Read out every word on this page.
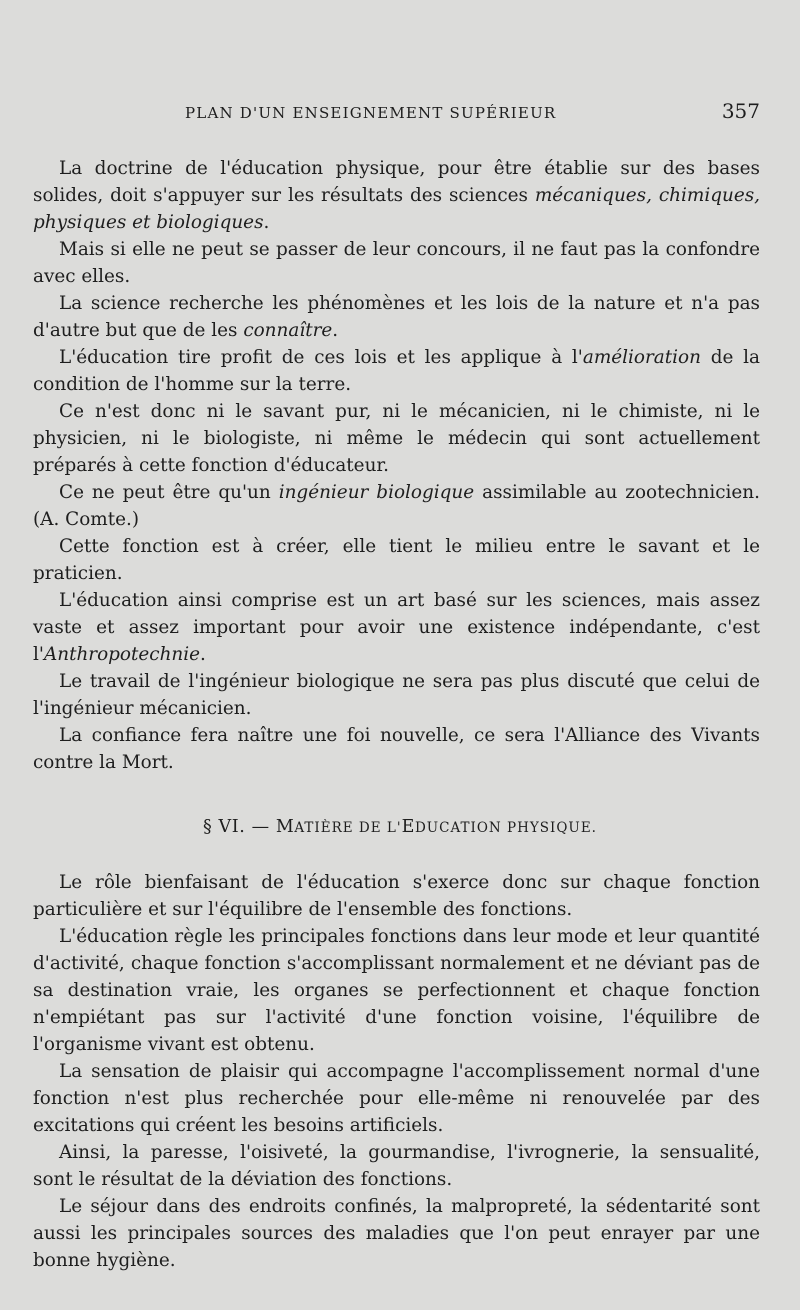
PLAN D'UN ENSEIGNEMENT SUPÉRIEUR	357

La doctrine de l'éducation physique, pour être établie sur des bases solides, doit s'appuyer sur les résultats des sciences mécaniques, chimiques, physiques et biologiques.

Mais si elle ne peut se passer de leur concours, il ne faut pas la confondre avec elles.

La science recherche les phénomènes et les lois de la nature et n'a pas d'autre but que de les connaître.

L'éducation tire profit de ces lois et les applique à l'amélioration de la condition de l'homme sur la terre.

Ce n'est donc ni le savant pur, ni le mécanicien, ni le chimiste, ni le physicien, ni le biologiste, ni même le médecin qui sont actuellement préparés à cette fonction d'éducateur.

Ce ne peut être qu'un ingénieur biologique assimilable au zootechnicien. (A. Comte.)

Cette fonction est à créer, elle tient le milieu entre le savant et le praticien.

L'éducation ainsi comprise est un art basé sur les sciences, mais assez vaste et assez important pour avoir une existence indépendante, c'est l'Anthropotechnie.

Le travail de l'ingénieur biologique ne sera pas plus discuté que celui de l'ingénieur mécanicien.

La confiance fera naître une foi nouvelle, ce sera l'Alliance des Vivants contre la Mort.

§ VI. — MATIÈRE DE L'EDUCATION PHYSIQUE.

Le rôle bienfaisant de l'éducation s'exerce donc sur chaque fonction particulière et sur l'équilibre de l'ensemble des fonctions.

L'éducation règle les principales fonctions dans leur mode et leur quantité d'activité, chaque fonction s'accomplissant normalement et ne déviant pas de sa destination vraie, les organes se perfectionnent et chaque fonction n'empiétant pas sur l'activité d'une fonction voisine, l'équilibre de l'organisme vivant est obtenu.

La sensation de plaisir qui accompagne l'accomplissement normal d'une fonction n'est plus recherchée pour elle-même ni renouvelée par des excitations qui créent les besoins artificiels.

Ainsi, la paresse, l'oisiveté, la gourmandise, l'ivrognerie, la sensualité, sont le résultat de la déviation des fonctions.

Le séjour dans des endroits confinés, la malpropreté, la sédentarité sont aussi les principales sources des maladies que l'on peut enrayer par une bonne hygiène.
